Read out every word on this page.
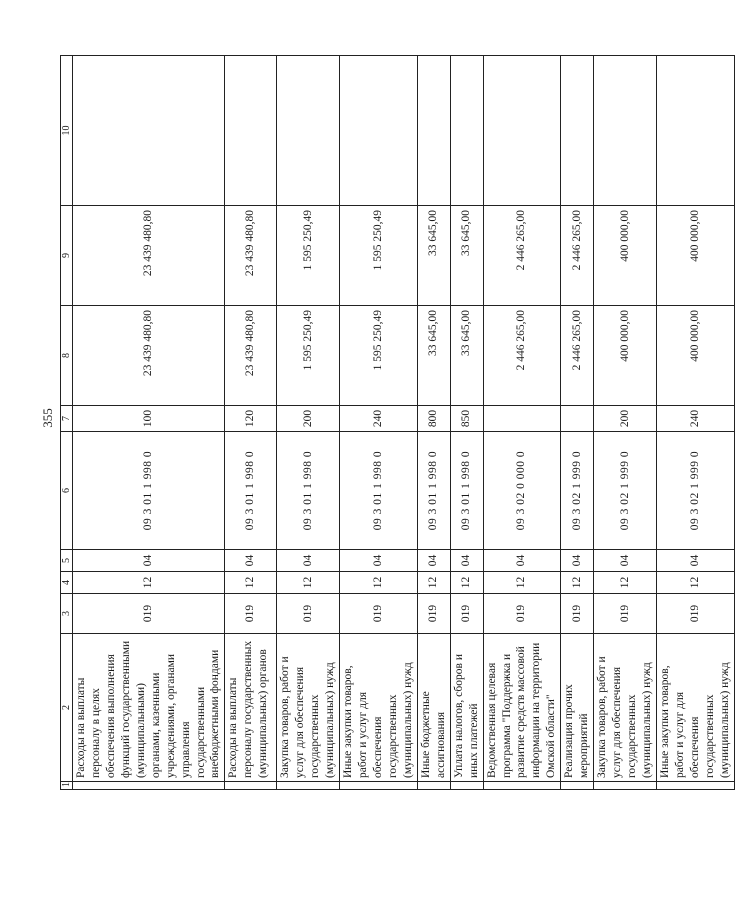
355
1	2	3	4	5	6	7	8	9	10
	Расходы на выплаты персоналу в целях обеспечения выполнения функций государственными (муниципальными) органами, казенными учреждениями, органами управления государственными внебюджетными фондами	019	12	04	09 3 01 1 998 0	100	23 439 480,80	23 439 480,80	
	Расходы на выплаты персоналу государственных (муниципальных) органов	019	12	04	09 3 01 1 998 0	120	23 439 480,80	23 439 480,80	
	Закупка товаров, работ и услуг для обеспечения государственных (муниципальных) нужд	019	12	04	09 3 01 1 998 0	200	1 595 250,49	1 595 250,49	
	Иные закупки товаров, работ и услуг для обеспечения государственных (муниципальных) нужд	019	12	04	09 3 01 1 998 0	240	1 595 250,49	1 595 250,49	
	Иные бюджетные ассигнования	019	12	04	09 3 01 1 998 0	800	33 645,00	33 645,00	
	Уплата налогов, сборов и иных платежей	019	12	04	09 3 01 1 998 0	850	33 645,00	33 645,00	
	Ведомственная целевая программа "Поддержка и развитие средств массовой информации на территории Омской области"	019	12	04	09 3 02 0 000 0		2 446 265,00	2 446 265,00	
	Реализация прочих мероприятий	019	12	04	09 3 02 1 999 0		2 446 265,00	2 446 265,00	
	Закупка товаров, работ и услуг для обеспечения государственных (муниципальных) нужд	019	12	04	09 3 02 1 999 0	200	400 000,00	400 000,00	
	Иные закупки товаров, работ и услуг для обеспечения государственных (муниципальных) нужд	019	12	04	09 3 02 1 999 0	240	400 000,00	400 000,00	
